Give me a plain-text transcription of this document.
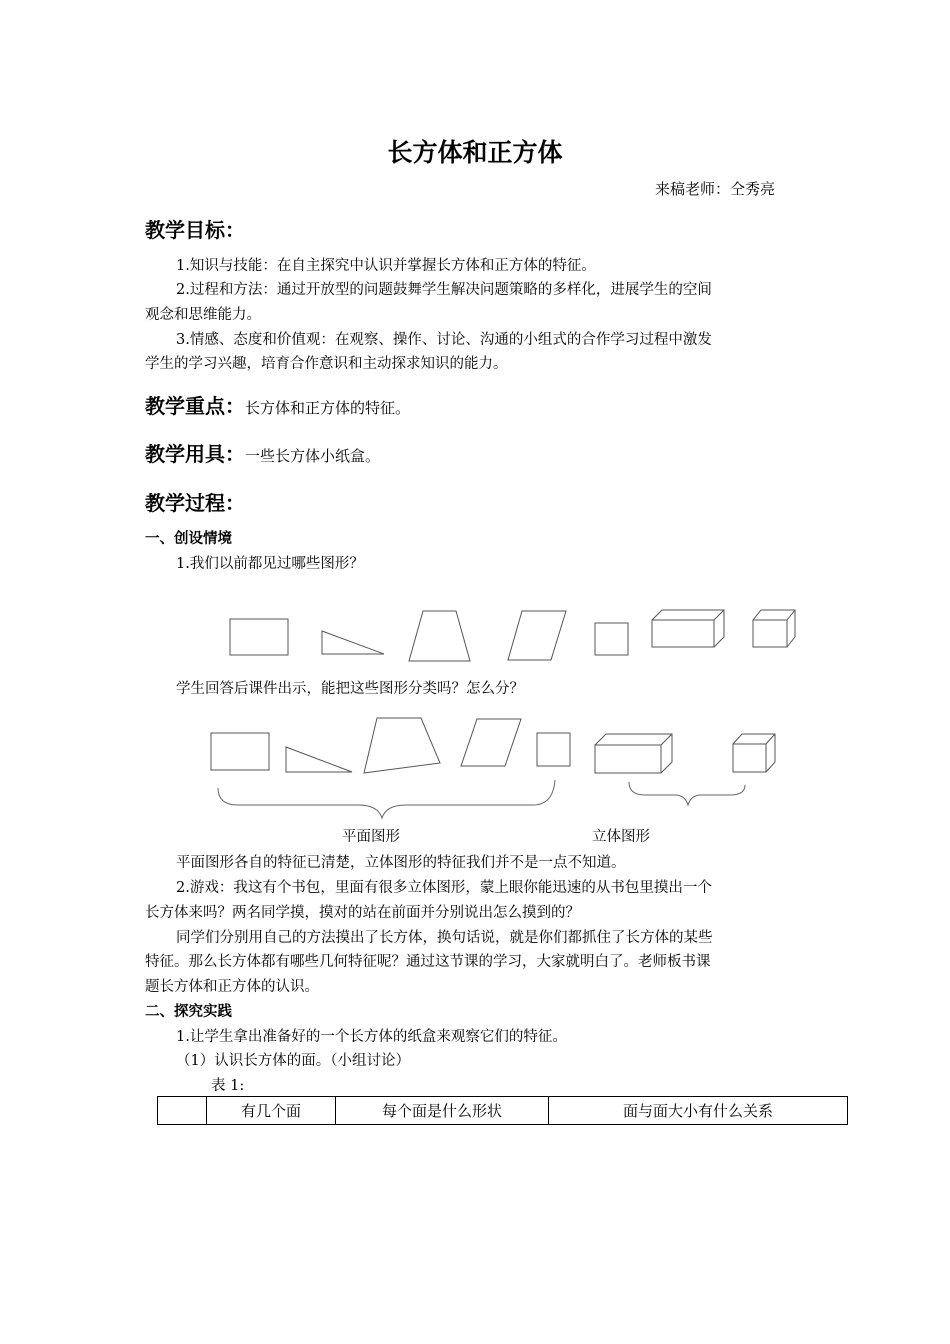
长方体和正方体
来稿老师：仝秀亮
教学目标：
1.知识与技能：在自主探究中认识并掌握长方体和正方体的特征。
2.过程和方法：通过开放型的问题鼓舞学生解决问题策略的多样化，进展学生的空间
观念和思维能力。
3.情感、态度和价值观：在观察、操作、讨论、沟通的小组式的合作学习过程中激发
学生的学习兴趣，培育合作意识和主动探求知识的能力。
教学重点：长方体和正方体的特征。
教学用具：一些长方体小纸盒。
教学过程：
一、创设情境
1.我们以前都见过哪些图形？
学生回答后课件出示，能把这些图形分类吗？怎么分？
平面图形	立体图形
平面图形各自的特征已清楚，立体图形的特征我们并不是一点不知道。
2.游戏：我这有个书包，里面有很多立体图形，蒙上眼你能迅速的从书包里摸出一个
长方体来吗？两名同学摸，摸对的站在前面并分别说出怎么摸到的？
同学们分别用自己的方法摸出了长方体，换句话说，就是你们都抓住了长方体的某些
特征。那么长方体都有哪些几何特征呢？通过这节课的学习，大家就明白了。老师板书课
题长方体和正方体的认识。
二、探究实践
1.让学生拿出准备好的一个长方体的纸盒来观察它们的特征。
（1）认识长方体的面。（小组讨论）
表 1:
	有几个面	每个面是什么形状	面与面大小有什么关系
